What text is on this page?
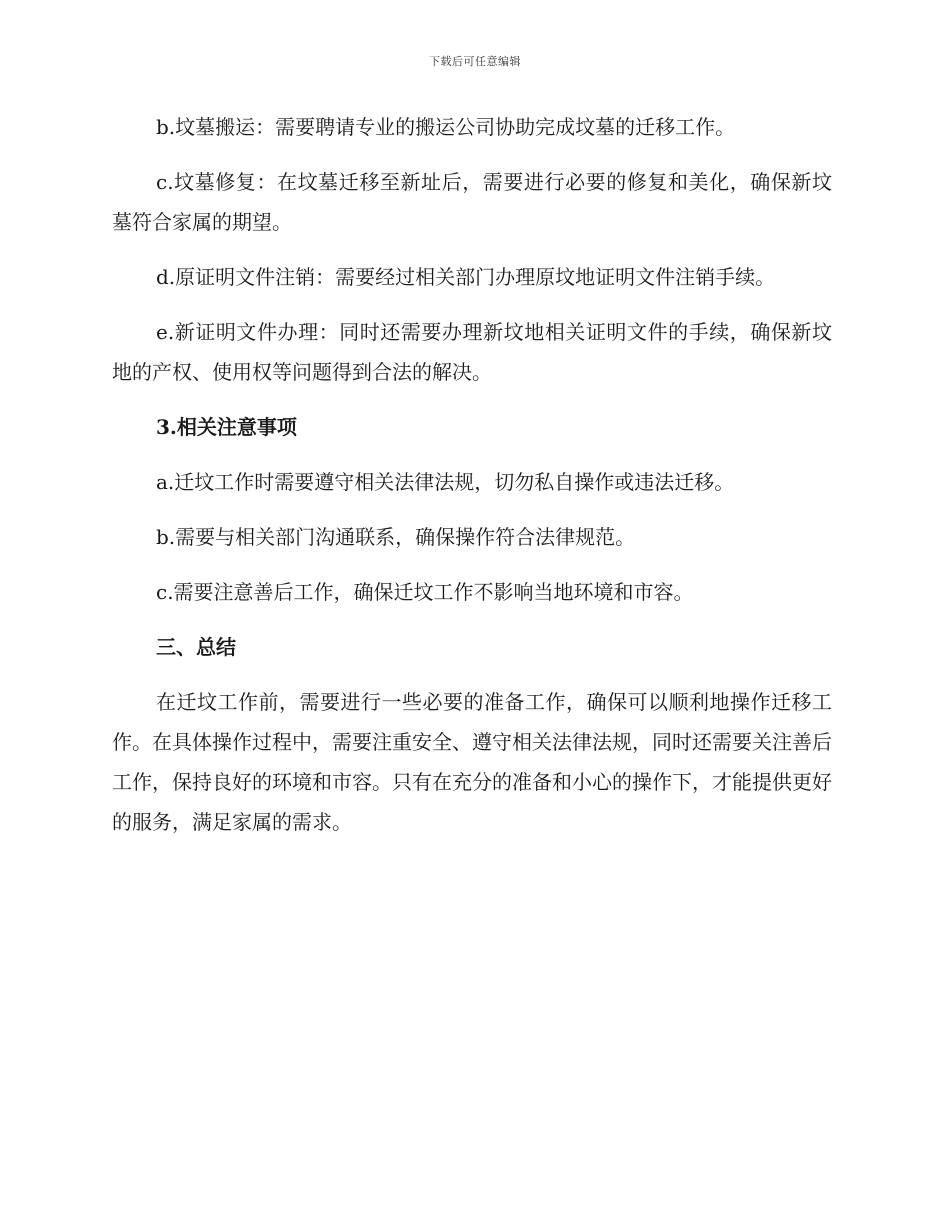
下载后可任意编辑

b.坟墓搬运：需要聘请专业的搬运公司协助完成坟墓的迁移工作。

c.坟墓修复：在坟墓迁移至新址后，需要进行必要的修复和美化，确保新坟墓符合家属的期望。

d.原证明文件注销：需要经过相关部门办理原坟地证明文件注销手续。

e.新证明文件办理：同时还需要办理新坟地相关证明文件的手续，确保新坟地的产权、使用权等问题得到合法的解决。

3.相关注意事项

a.迁坟工作时需要遵守相关法律法规，切勿私自操作或违法迁移。

b.需要与相关部门沟通联系，确保操作符合法律规范。

c.需要注意善后工作，确保迁坟工作不影响当地环境和市容。

三、总结

在迁坟工作前，需要进行一些必要的准备工作，确保可以顺利地操作迁移工作。在具体操作过程中，需要注重安全、遵守相关法律法规，同时还需要关注善后工作，保持良好的环境和市容。只有在充分的准备和小心的操作下，才能提供更好的服务，满足家属的需求。
